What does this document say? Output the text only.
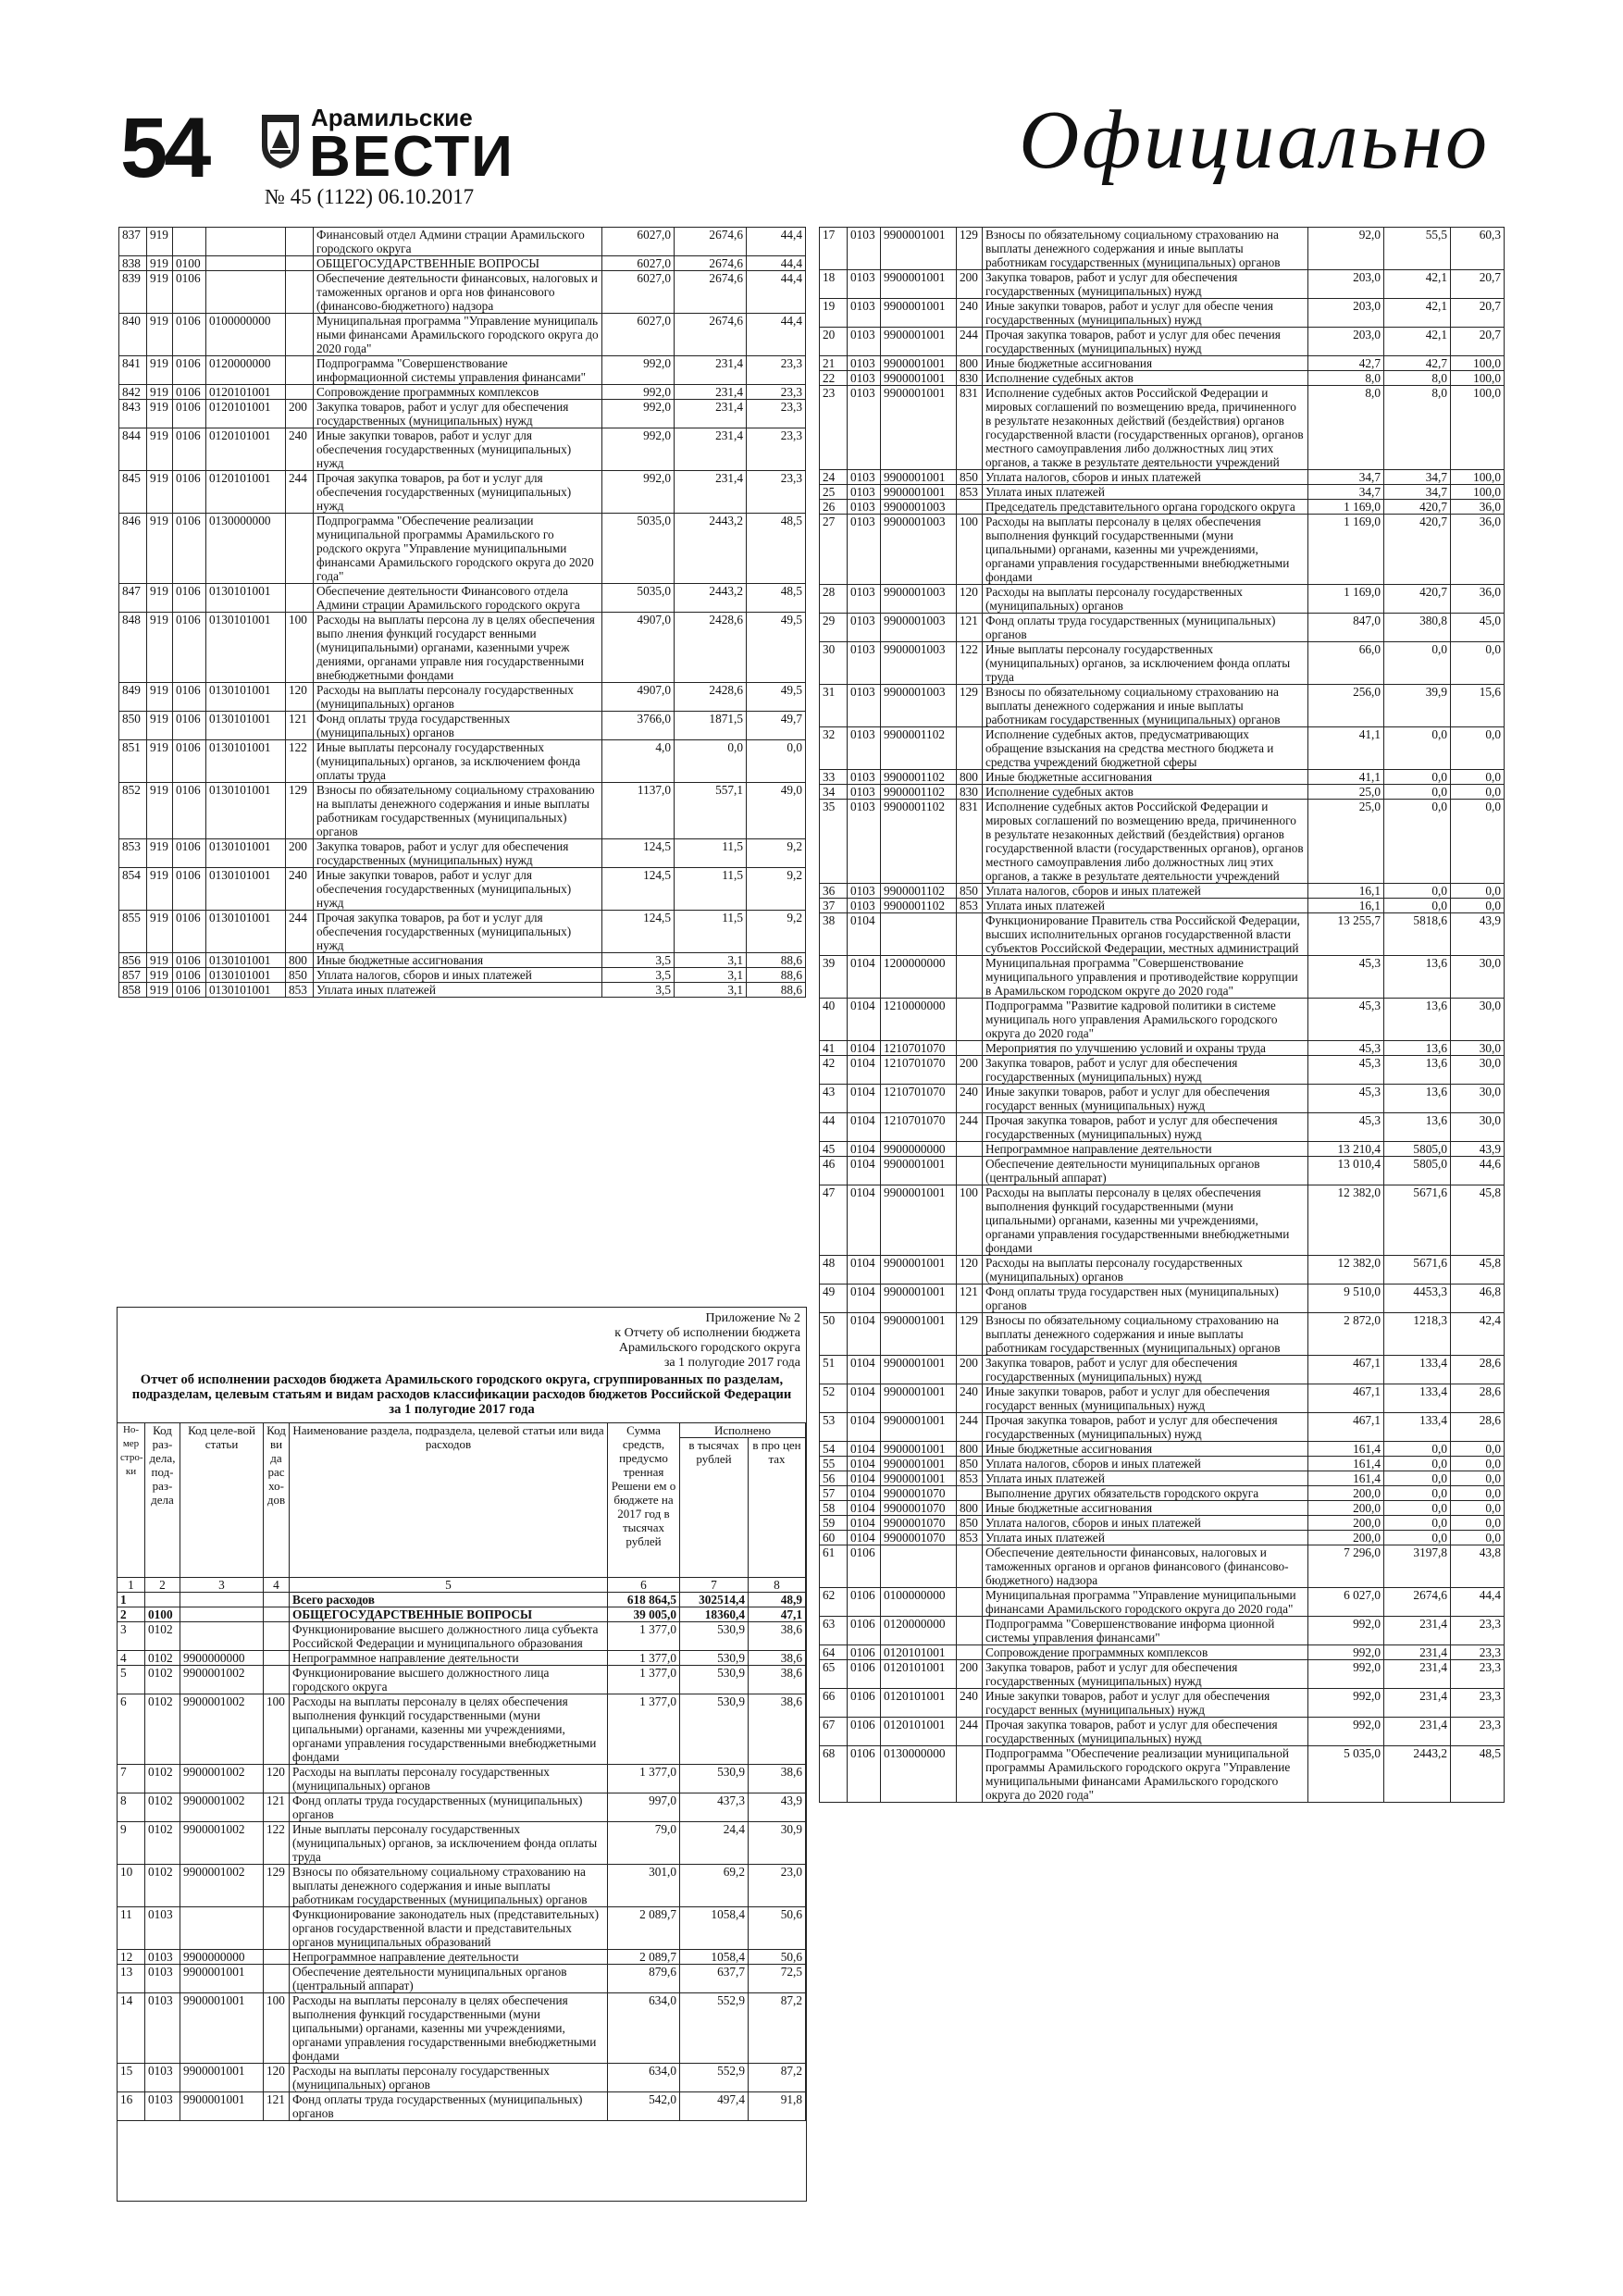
54	Арамильские
ВЕСТИ
№ 45 (1122) 06.10.2017
Официально
837	919				Финансовый отдел Админи страции Арамильского городского округа	6027,0	2674,6	44,4
838	919	0100			ОБЩЕГОСУДАРСТВЕННЫЕ ВОПРОСЫ	6027,0	2674,6	44,4
839	919	0106			Обеспечение деятельности финансовых, налоговых и таможенных органов и орга нов финансового (финансово-бюджетного) надзора	6027,0	2674,6	44,4
840	919	0106	0100000000		Муниципальная программа "Управление муниципаль ными финансами Арамильского городского округа до 2020 года"	6027,0	2674,6	44,4
841	919	0106	0120000000		Подпрограмма "Совершенствование информационной системы управления финансами"	992,0	231,4	23,3
842	919	0106	0120101001		Сопровождение программных комплексов	992,0	231,4	23,3
843	919	0106	0120101001	200	Закупка товаров, работ и услуг для обеспечения государственных (муниципальных) нужд	992,0	231,4	23,3
844	919	0106	0120101001	240	Иные закупки товаров, работ и услуг для обеспечения государственных (муниципальных) нужд	992,0	231,4	23,3
845	919	0106	0120101001	244	Прочая закупка товаров, ра бот и услуг для обеспечения государственных (муниципальных) нужд	992,0	231,4	23,3
846	919	0106	0130000000		Подпрограмма "Обеспечение реализации муниципальной программы Арамильского го родского округа "Управление муниципальными финансами Арамильского городского округа до 2020 года"	5035,0	2443,2	48,5
847	919	0106	0130101001		Обеспечение деятельности Финансового отдела Админи страции Арамильского городского округа	5035,0	2443,2	48,5
848	919	0106	0130101001	100	Расходы на выплаты персона лу в целях обеспечения выпо лнения функций государст венными (муниципальными) органами, казенными учреж дениями, органами управле ния государственными внебюджетными фондами	4907,0	2428,6	49,5
849	919	0106	0130101001	120	Расходы на выплаты персоналу государственных (муниципальных) органов	4907,0	2428,6	49,5
850	919	0106	0130101001	121	Фонд оплаты труда государственных (муниципальных) органов	3766,0	1871,5	49,7
851	919	0106	0130101001	122	Иные выплаты персоналу государственных (муниципальных) органов, за исключением фонда оплаты труда	4,0	0,0	0,0
852	919	0106	0130101001	129	Взносы по обязательному социальному страхованию на выплаты денежного содержания и иные выплаты работникам государственных (муниципальных) органов	1137,0	557,1	49,0
853	919	0106	0130101001	200	Закупка товаров, работ и услуг для обеспечения государственных (муниципальных) нужд	124,5	11,5	9,2
854	919	0106	0130101001	240	Иные закупки товаров, работ и услуг для обеспечения государственных (муниципальных) нужд	124,5	11,5	9,2
855	919	0106	0130101001	244	Прочая закупка товаров, ра бот и услуг для обеспечения государственных (муниципальных) нужд	124,5	11,5	9,2
856	919	0106	0130101001	800	Иные бюджетные ассигнования	3,5	3,1	88,6
857	919	0106	0130101001	850	Уплата налогов, сборов и иных платежей	3,5	3,1	88,6
858	919	0106	0130101001	853	Уплата иных платежей	3,5	3,1	88,6
17	0103	9900001001	129	Взносы по обязательному социальному страхованию на выплаты денежного содержания и иные выплаты работникам государственных (муниципальных) органов	92,0	55,5	60,3
18	0103	9900001001	200	Закупка товаров, работ и услуг для обеспечения государственных (муниципальных) нужд	203,0	42,1	20,7
19	0103	9900001001	240	Иные закупки товаров, работ и услуг для обеспе чения государственных (муниципальных) нужд	203,0	42,1	20,7
20	0103	9900001001	244	Прочая закупка товаров, работ и услуг для обес печения государственных (муниципальных) нужд	203,0	42,1	20,7
21	0103	9900001001	800	Иные бюджетные ассигнования	42,7	42,7	100,0
22	0103	9900001001	830	Исполнение судебных актов	8,0	8,0	100,0
23	0103	9900001001	831	Исполнение судебных актов Российской Федерации и мировых соглашений по возмещению вреда, причиненного в результате незаконных действий (бездействия) органов государственной власти (государственных органов), органов местного самоуправления либо должностных лиц этих органов, а также в результате деятельности учреждений	8,0	8,0	100,0
24	0103	9900001001	850	Уплата налогов, сборов и иных платежей	34,7	34,7	100,0
25	0103	9900001001	853	Уплата иных платежей	34,7	34,7	100,0
26	0103	9900001003		Председатель представительного органа городского округа	1 169,0	420,7	36,0
27	0103	9900001003	100	Расходы на выплаты персоналу в целях обеспечения выполнения функций государственными (муни ципальными) органами, казенны ми учреждениями, органами управления государственными внебюджетными фондами	1 169,0	420,7	36,0
28	0103	9900001003	120	Расходы на выплаты персоналу государственных (муниципальных) органов	1 169,0	420,7	36,0
29	0103	9900001003	121	Фонд оплаты труда государственных (муниципальных) органов	847,0	380,8	45,0
30	0103	9900001003	122	Иные выплаты персоналу государственных (муниципальных) органов, за исключением фонда оплаты труда	66,0	0,0	0,0
31	0103	9900001003	129	Взносы по обязательному социальному страхованию на выплаты денежного содержания и иные выплаты работникам государственных (муниципальных) органов	256,0	39,9	15,6
32	0103	9900001102		Исполнение судебных актов, предусматривающих обращение взыскания на средства местного бюджета и средства учреждений бюджетной сферы	41,1	0,0	0,0
33	0103	9900001102	800	Иные бюджетные ассигнования	41,1	0,0	0,0
34	0103	9900001102	830	Исполнение судебных актов	25,0	0,0	0,0
35	0103	9900001102	831	Исполнение судебных актов Российской Федерации и мировых соглашений по возмещению вреда, причиненного в результате незаконных действий (бездействия) органов государственной власти (государственных органов), органов местного самоуправления либо должностных лиц этих органов, а также в результате деятельности учреждений	25,0	0,0	0,0
36	0103	9900001102	850	Уплата налогов, сборов и иных платежей	16,1	0,0	0,0
37	0103	9900001102	853	Уплата иных платежей	16,1	0,0	0,0
38	0104			Функционирование Правитель ства Российской Федерации, высших исполнительных органов государственной власти субъектов Российской Федерации, местных администраций	13 255,7	5818,6	43,9
39	0104	1200000000		Муниципальная программа "Совершенствование муниципального управления и противодействие коррупции в Арамильском городском округе до 2020 года"	45,3	13,6	30,0
40	0104	1210000000		Подпрограмма "Развитие кадровой политики в системе муниципаль ного управления Арамильского городского округа до 2020 года"	45,3	13,6	30,0
41	0104	1210701070		Мероприятия по улучшению условий и охраны труда	45,3	13,6	30,0
42	0104	1210701070	200	Закупка товаров, работ и услуг для обеспечения государственных (муниципальных) нужд	45,3	13,6	30,0
43	0104	1210701070	240	Иные закупки товаров, работ и услуг для обеспечения государст венных (муниципальных) нужд	45,3	13,6	30,0
44	0104	1210701070	244	Прочая закупка товаров, работ и услуг для обеспечения государственных (муниципальных) нужд	45,3	13,6	30,0
45	0104	9900000000		Непрограммное направление деятельности	13 210,4	5805,0	43,9
46	0104	9900001001		Обеспечение деятельности муниципальных органов (центральный аппарат)	13 010,4	5805,0	44,6
47	0104	9900001001	100	Расходы на выплаты персоналу в целях обеспечения выполнения функций государственными (муни ципальными) органами, казенны ми учреждениями, органами управления государственными внебюджетными фондами	12 382,0	5671,6	45,8
48	0104	9900001001	120	Расходы на выплаты персоналу государственных (муниципальных) органов	12 382,0	5671,6	45,8
49	0104	9900001001	121	Фонд оплаты труда государствен ных (муниципальных) органов	9 510,0	4453,3	46,8
50	0104	9900001001	129	Взносы по обязательному социальному страхованию на выплаты денежного содержания и иные выплаты работникам государственных (муниципальных) органов	2 872,0	1218,3	42,4
51	0104	9900001001	200	Закупка товаров, работ и услуг для обеспечения государственных (муниципальных) нужд	467,1	133,4	28,6
52	0104	9900001001	240	Иные закупки товаров, работ и услуг для обеспечения государст венных (муниципальных) нужд	467,1	133,4	28,6
53	0104	9900001001	244	Прочая закупка товаров, работ и услуг для обеспечения государственных (муниципальных) нужд	467,1	133,4	28,6
54	0104	9900001001	800	Иные бюджетные ассигнования	161,4	0,0	0,0
55	0104	9900001001	850	Уплата налогов, сборов и иных платежей	161,4	0,0	0,0
56	0104	9900001001	853	Уплата иных платежей	161,4	0,0	0,0
57	0104	9900001070		Выполнение других обязательств городского округа	200,0	0,0	0,0
58	0104	9900001070	800	Иные бюджетные ассигнования	200,0	0,0	0,0
59	0104	9900001070	850	Уплата налогов, сборов и иных платежей	200,0	0,0	0,0
60	0104	9900001070	853	Уплата иных платежей	200,0	0,0	0,0
61	0106			Обеспечение деятельности финансовых, налоговых и таможенных органов и органов финансового (финансово-бюджетного) надзора	7 296,0	3197,8	43,8
62	0106	0100000000		Муниципальная программа "Управление муниципальными финансами Арамильского городского округа до 2020 года"	6 027,0	2674,6	44,4
63	0106	0120000000		Подпрограмма "Совершенствование информа ционной системы управления финансами"	992,0	231,4	23,3
64	0106	0120101001		Сопровождение программных комплексов	992,0	231,4	23,3
65	0106	0120101001	200	Закупка товаров, работ и услуг для обеспечения государственных (муниципальных) нужд	992,0	231,4	23,3
66	0106	0120101001	240	Иные закупки товаров, работ и услуг для обеспечения государст венных (муниципальных) нужд	992,0	231,4	23,3
67	0106	0120101001	244	Прочая закупка товаров, работ и услуг для обеспечения государственных (муниципальных) нужд	992,0	231,4	23,3
68	0106	0130000000		Подпрограмма "Обеспечение реализации муниципальной программы Арамильского городского округа "Управление муниципальными финансами Арамильского городского округа до 2020 года"	5 035,0	2443,2	48,5
Приложение № 2
к Отчету об исполнении бюджета
Арамильского городского округа
за 1 полугодие 2017 года
Отчет об исполнении расходов бюджета Арамильского городского округа, сгруппированных по разделам, подразделам, целевым статьям и видам расходов классификации расходов бюджетов Российской Федерации за 1 полугодие 2017 года
Но-мер стро-ки	Код раз-дела, под-раз-дела	Код целе-вой статьи	Код ви да рас хо-дов	Наименование раздела, подраздела, целевой статьи или вида расходов	Сумма средств, предусмо тренная Решени ем о бюджете на 2017 год в тысячах рублей	Исполнено	
						в тысячах рублей	в про цен тах
1	2	3	4	5	6	7	8
1				Всего расходов	618 864,5	302514,4	48,9
2	0100			ОБЩЕГОСУДАРСТВЕННЫЕ ВОПРОСЫ	39 005,0	18360,4	47,1
3	0102			Функционирование высшего должностного лица субъекта Российской Федерации и муниципального образования	1 377,0	530,9	38,6
4	0102	9900000000		Непрограммное направление деятельности	1 377,0	530,9	38,6
5	0102	9900001002		Функционирование высшего должностного лица городского округа	1 377,0	530,9	38,6
6	0102	9900001002	100	Расходы на выплаты персоналу в целях обеспечения выполнения функций государственными (муни ципальными) органами, казенны ми учреждениями, органами управления государственными внебюджетными фондами	1 377,0	530,9	38,6
7	0102	9900001002	120	Расходы на выплаты персоналу государственных (муниципальных) органов	1 377,0	530,9	38,6
8	0102	9900001002	121	Фонд оплаты труда государственных (муниципальных) органов	997,0	437,3	43,9
9	0102	9900001002	122	Иные выплаты персоналу государственных (муниципальных) органов, за исключением фонда оплаты труда	79,0	24,4	30,9
10	0102	9900001002	129	Взносы по обязательному социальному страхованию на выплаты денежного содержания и иные выплаты работникам государственных (муниципальных) органов	301,0	69,2	23,0
11	0103			Функционирование законодатель ных (представительных) органов государственной власти и представительных органов муниципальных образований	2 089,7	1058,4	50,6
12	0103	9900000000		Непрограммное направление деятельности	2 089,7	1058,4	50,6
13	0103	9900001001		Обеспечение деятельности муниципальных органов (центральный аппарат)	879,6	637,7	72,5
14	0103	9900001001	100	Расходы на выплаты персоналу в целях обеспечения выполнения функций государственными (муни ципальными) органами, казенны ми учреждениями, органами управления государственными внебюджетными фондами	634,0	552,9	87,2
15	0103	9900001001	120	Расходы на выплаты персоналу государственных (муниципальных) органов	634,0	552,9	87,2
16	0103	9900001001	121	Фонд оплаты труда государственных (муниципальных) органов	542,0	497,4	91,8
